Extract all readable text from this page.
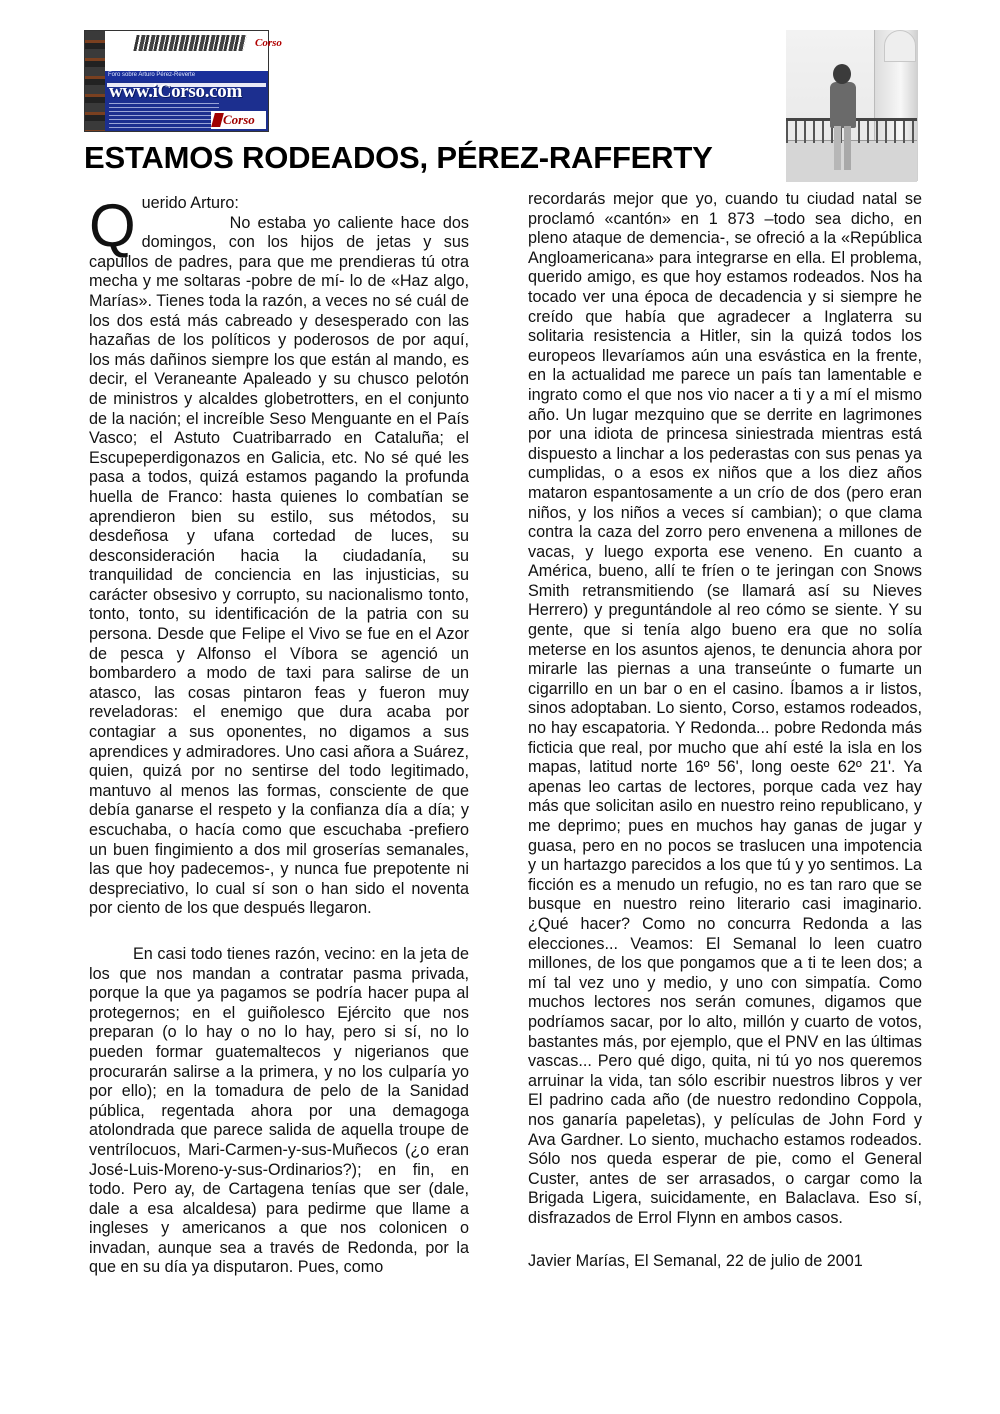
Corso
Foro sobre Arturo Pérez-Reverte
www.iCorso.com
Corso
ESTAMOS RODEADOS, PÉREZ-RAFFERTY

Q uerido Arturo:

No estaba yo caliente hace dos domingos, con los hijos de jetas y sus capullos de padres, para que me prendieras tú otra mecha y me soltaras -pobre de mí- lo de «Haz algo, Marías». Tienes toda la razón, a veces no sé cuál de los dos está más cabreado y desesperado con las hazañas de los políticos y poderosos de por aquí, los más dañinos siempre los que están al mando, es decir, el Veraneante Apaleado y su chusco pelotón de ministros y alcaldes globetrotters, en el conjunto de la nación; el increíble Seso Menguante en el País Vasco; el Astuto Cuatribarrado en Cataluña; el Escupeperdigonazos en Galicia, etc. No sé qué les pasa a todos, quizá estamos pagando la profunda huella de Franco: hasta quienes lo combatían se aprendieron bien su estilo, sus métodos, su desdeñosa y ufana cortedad de luces, su desconsideración hacia la ciudadanía, su tranquilidad de conciencia en las injusticias, su carácter obsesivo y corrupto, su nacionalismo tonto, tonto, tonto, su identificación de la patria con su persona. Desde que Felipe el Vivo se fue en el Azor de pesca y Alfonso el Víbora se agenció un bombardero a modo de taxi para salirse de un atasco, las cosas pintaron feas y fueron muy reveladoras: el enemigo que dura acaba por contagiar a sus oponentes, no digamos a sus aprendices y admiradores. Uno casi añora a Suárez, quien, quizá por no sentirse del todo legitimado, mantuvo al menos las formas, consciente de que debía ganarse el respeto y la confianza día a día; y escuchaba, o hacía como que escuchaba -prefiero un buen fingimiento a dos mil groserías semanales, las que hoy padecemos-, y nunca fue prepotente ni despreciativo, lo cual sí son o han sido el noventa por ciento de los que después llegaron.

En casi todo tienes razón, vecino: en la jeta de los que nos mandan a contratar pasma privada, porque la que ya pagamos se podría hacer pupa al protegernos; en el guiñolesco Ejército que nos preparan (o lo hay o no lo hay, pero si sí, no lo pueden formar guatemaltecos y nigerianos que procurarán salirse a la primera, y no los culparía yo por ello); en la tomadura de pelo de la Sanidad pública, regentada ahora por una demagoga atolondrada que parece salida de aquella troupe de ventrílocuos, Mari-Carmen-y-sus-Muñecos (¿o eran José-Luis-Moreno-y-sus-Ordinarios?); en fin, en todo. Pero ay, de Cartagena tenías que ser (dale, dale a esa alcaldesa) para pedirme que llame a ingleses y americanos a que nos colonicen o invadan, aunque sea a través de Redonda, por la que en su día ya disputaron. Pues, como

recordarás mejor que yo, cuando tu ciudad natal se proclamó «cantón» en 1 873 –todo sea dicho, en pleno ataque de demencia-, se ofreció a la «República Angloamericana» para integrarse en ella. El problema, querido amigo, es que hoy estamos rodeados. Nos ha tocado ver una época de decadencia y si siempre he creído que había que agradecer a Inglaterra su solitaria resistencia a Hitler, sin la quizá todos los europeos llevaríamos aún una esvástica en la frente, en la actualidad me parece un país tan lamentable e ingrato como el que nos vio nacer a ti y a mí el mismo año. Un lugar mezquino que se derrite en lagrimones por una idiota de princesa siniestrada mientras está dispuesto a linchar a los pederastas con sus penas ya cumplidas, o a esos ex niños que a los diez años mataron espantosamente a un crío de dos (pero eran niños, y los niños a veces sí cambian); o que clama contra la caza del zorro pero envenena a millones de vacas, y luego exporta ese veneno. En cuanto a América, bueno, allí te fríen o te jeringan con Snows Smith retransmitiendo (se llamará así su Nieves Herrero) y preguntándole al reo cómo se siente. Y su gente, que si tenía algo bueno era que no solía meterse en los asuntos ajenos, te denuncia ahora por mirarle las piernas a una transeúnte o fumarte un cigarrillo en un bar o en el casino. Íbamos a ir listos, sinos adoptaban. Lo siento, Corso, estamos rodeados, no hay escapatoria. Y Redonda... pobre Redonda más ficticia que real, por mucho que ahí esté la isla en los mapas, latitud norte 16º 56', long oeste 62º 21'. Ya apenas leo cartas de lectores, porque cada vez hay más que solicitan asilo en nuestro reino republicano, y me deprimo; pues en muchos hay ganas de jugar y guasa, pero en no pocos se traslucen una impotencia y un hartazgo parecidos a los que tú y yo sentimos. La ficción es a menudo un refugio, no es tan raro que se busque en nuestro reino literario casi imaginario. ¿Qué hacer? Como no concurra Redonda a las elecciones... Veamos: El Semanal lo leen cuatro millones, de los que pongamos que a ti te leen dos; a mí tal vez uno y medio, y uno con simpatía. Como muchos lectores nos serán comunes, digamos que podríamos sacar, por lo alto, millón y cuarto de votos, bastantes más, por ejemplo, que el PNV en las últimas vascas... Pero qué digo, quita, ni tú yo nos queremos arruinar la vida, tan sólo escribir nuestros libros y ver El padrino cada año (de nuestro redondino Coppola, nos ganaría papeletas), y películas de John Ford y Ava Gardner. Lo siento, muchacho estamos rodeados. Sólo nos queda esperar de pie, como el General Custer, antes de ser arrasados, o cargar como la Brigada Ligera, suicidamente, en Balaclava. Eso sí, disfrazados de Errol Flynn en ambos casos.

Javier Marías, El Semanal, 22 de julio de 2001
